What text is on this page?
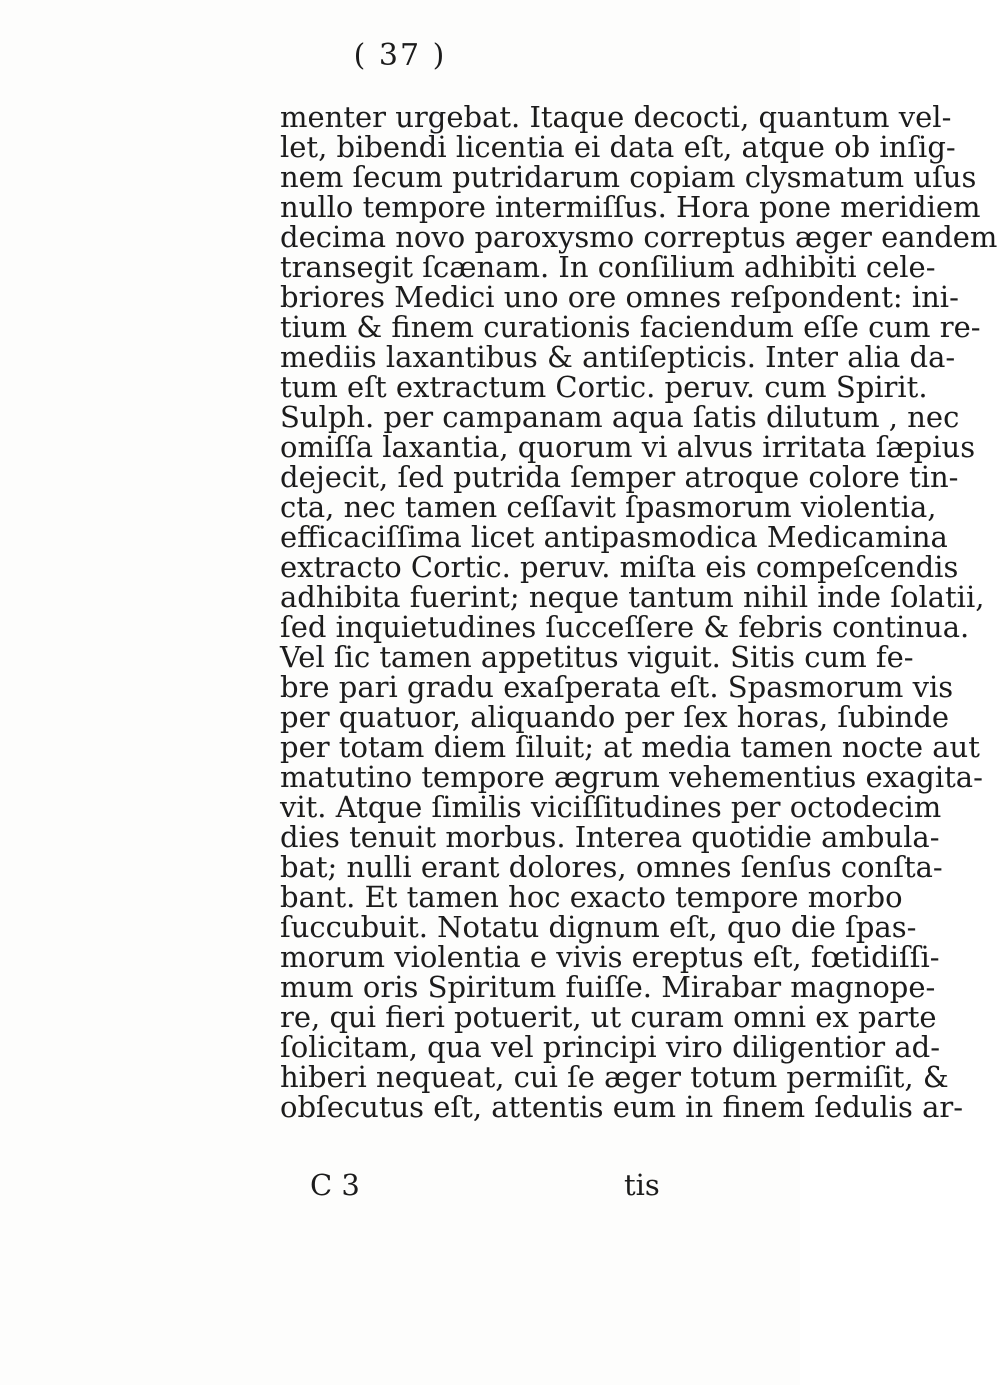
( 37 )
menter urgebat. Itaque decocti, quantum vel-
let, bibendi licentia ei data eſt, atque ob inſig-
nem ſecum putridarum copiam clysmatum uſus
nullo tempore intermiſſus. Hora pone meridiem
decima novo paroxysmo correptus æger eandem
transegit ſcænam. In conſilium adhibiti cele-
briores Medici uno ore omnes reſpondent: ini-
tium & finem curationis faciendum eſſe cum re-
mediis laxantibus & antiſepticis. Inter alia da-
tum eſt extractum Cortic. peruv. cum Spirit.
Sulph. per campanam aqua ſatis dilutum , nec
omiſſa laxantia, quorum vi alvus irritata ſæpius
dejecit, ſed putrida ſemper atroque colore tin-
cta, nec tamen ceſſavit ſpasmorum violentia,
efficaciſſima licet antipasmodica Medicamina
extracto Cortic. peruv. miſta eis compeſcendis
adhibita fuerint; neque tantum nihil inde ſolatii,
ſed inquietudines ſucceſſere & febris continua.
Vel ſic tamen appetitus viguit. Sitis cum fe-
bre pari gradu exaſperata eſt. Spasmorum vis
per quatuor, aliquando per ſex horas, ſubinde
per totam diem ſiluit; at media tamen nocte aut
matutino tempore ægrum vehementius exagita-
vit. Atque ſimilis viciſſitudines per octodecim
dies tenuit morbus. Interea quotidie ambula-
bat; nulli erant dolores, omnes ſenſus conſta-
bant. Et tamen hoc exacto tempore morbo
ſuccubuit. Notatu dignum eſt, quo die ſpas-
morum violentia e vivis ereptus eſt, fœtidiſſi-
mum oris Spiritum fuiſſe. Mirabar magnope-
re, qui fieri potuerit, ut curam omni ex parte
ſolicitam, qua vel principi viro diligentior ad-
hiberi nequeat, cui ſe æger totum permiſit, &
obſecutus eſt, attentis eum in finem ſedulis ar-
C 3	tis
